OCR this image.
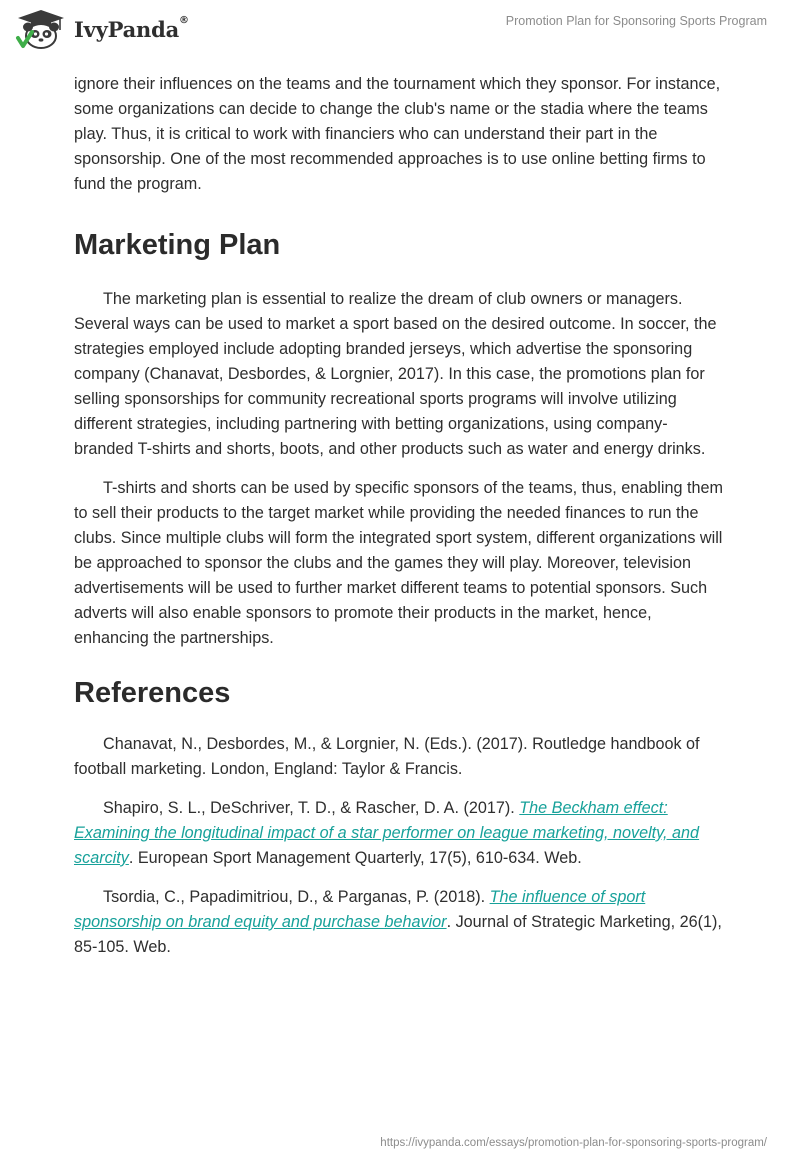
IvyPanda®	Promotion Plan for Sponsoring Sports Program

ignore their influences on the teams and the tournament which they sponsor. For instance, some organizations can decide to change the club's name or the stadia where the teams play. Thus, it is critical to work with financiers who can understand their part in the sponsorship. One of the most recommended approaches is to use online betting firms to fund the program.

Marketing Plan

The marketing plan is essential to realize the dream of club owners or managers. Several ways can be used to market a sport based on the desired outcome. In soccer, the strategies employed include adopting branded jerseys, which advertise the sponsoring company (Chanavat, Desbordes, & Lorgnier, 2017). In this case, the promotions plan for selling sponsorships for community recreational sports programs will involve utilizing different strategies, including partnering with betting organizations, using company-branded T-shirts and shorts, boots, and other products such as water and energy drinks.

T-shirts and shorts can be used by specific sponsors of the teams, thus, enabling them to sell their products to the target market while providing the needed finances to run the clubs. Since multiple clubs will form the integrated sport system, different organizations will be approached to sponsor the clubs and the games they will play. Moreover, television advertisements will be used to further market different teams to potential sponsors. Such adverts will also enable sponsors to promote their products in the market, hence, enhancing the partnerships.

References

Chanavat, N., Desbordes, M., & Lorgnier, N. (Eds.). (2017). Routledge handbook of football marketing. London, England: Taylor & Francis.

Shapiro, S. L., DeSchriver, T. D., & Rascher, D. A. (2017). The Beckham effect: Examining the longitudinal impact of a star performer on league marketing, novelty, and scarcity. European Sport Management Quarterly, 17(5), 610-634. Web.

Tsordia, C., Papadimitriou, D., & Parganas, P. (2018). The influence of sport sponsorship on brand equity and purchase behavior. Journal of Strategic Marketing, 26(1), 85-105. Web.

https://ivypanda.com/essays/promotion-plan-for-sponsoring-sports-program/
